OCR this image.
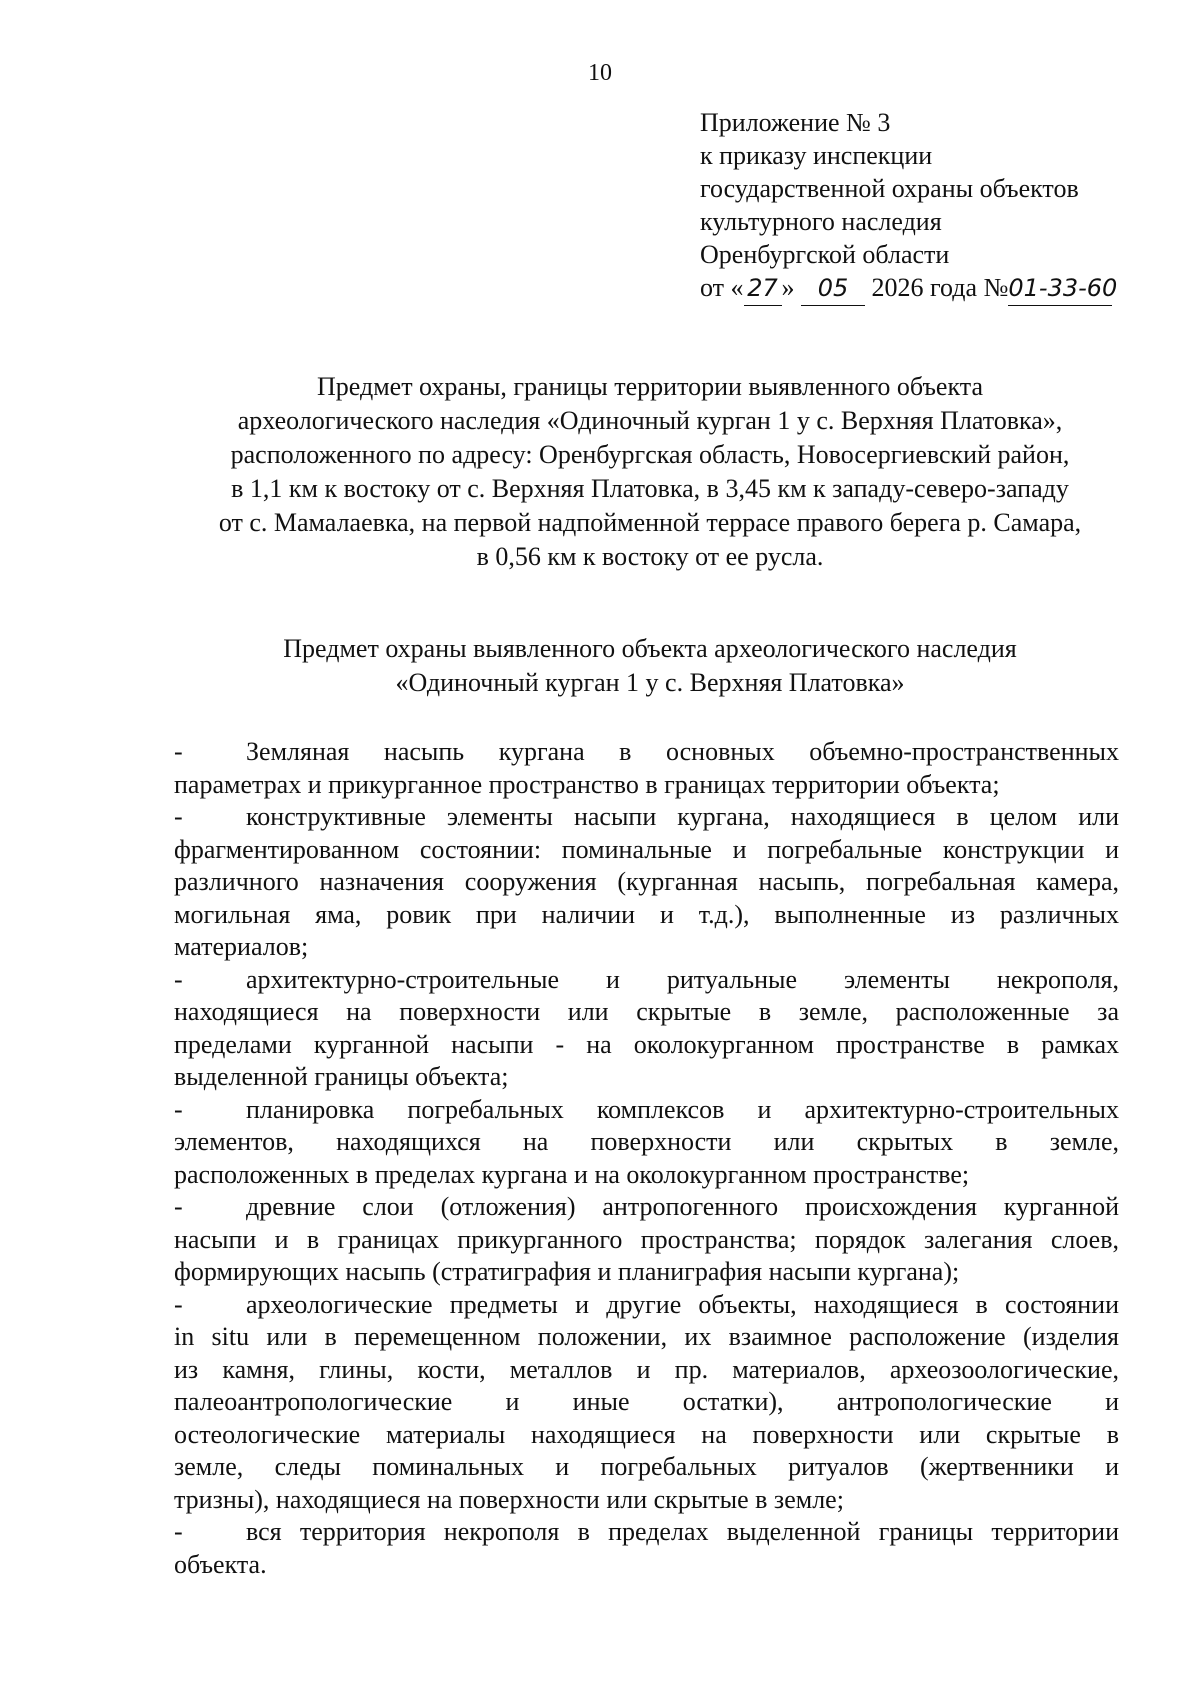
10
Приложение № 3
к приказу инспекции
государственной охраны объектов
культурного наследия
Оренбургской области
от « 27 » 05 2026 года №01-33-60
Предмет охраны, границы территории выявленного объекта
археологического наследия «Одиночный курган 1 у с. Верхняя Платовка»,
расположенного по адресу: Оренбургская область, Новосергиевский район,
в 1,1 км к востоку от с. Верхняя Платовка, в 3,45 км к западу-северо-западу
от с. Мамалаевка, на первой надпойменной террасе правого берега р. Самара,
в 0,56 км к востоку от ее русла.
Предмет охраны выявленного объекта археологического наследия
«Одиночный курган 1 у с. Верхняя Платовка»
- Земляная насыпь кургана в основных объемно-пространственных
параметрах и прикурганное пространство в границах территории объекта;
- конструктивные элементы насыпи кургана, находящиеся в целом или
фрагментированном состоянии: поминальные и погребальные конструкции и
различного назначения сооружения (курганная насыпь, погребальная камера,
могильная яма, ровик при наличии и т.д.), выполненные из различных
материалов;
- архитектурно-строительные и ритуальные элементы некрополя,
находящиеся на поверхности или скрытые в земле, расположенные за
пределами курганной насыпи - на околокурганном пространстве в рамках
выделенной границы объекта;
- планировка погребальных комплексов и архитектурно-строительных
элементов, находящихся на поверхности или скрытых в земле,
расположенных в пределах кургана и на околокурганном пространстве;
- древние слои (отложения) антропогенного происхождения курганной
насыпи и в границах прикурганного пространства; порядок залегания слоев,
формирующих насыпь (стратиграфия и планиграфия насыпи кургана);
- археологические предметы и другие объекты, находящиеся в состоянии
in situ или в перемещенном положении, их взаимное расположение (изделия
из камня, глины, кости, металлов и пр. материалов, археозоологические,
палеоантропологические и иные остатки), антропологические и
остеологические материалы находящиеся на поверхности или скрытые в
земле, следы поминальных и погребальных ритуалов (жертвенники и
тризны), находящиеся на поверхности или скрытые в земле;
- вся территория некрополя в пределах выделенной границы территории
объекта.
